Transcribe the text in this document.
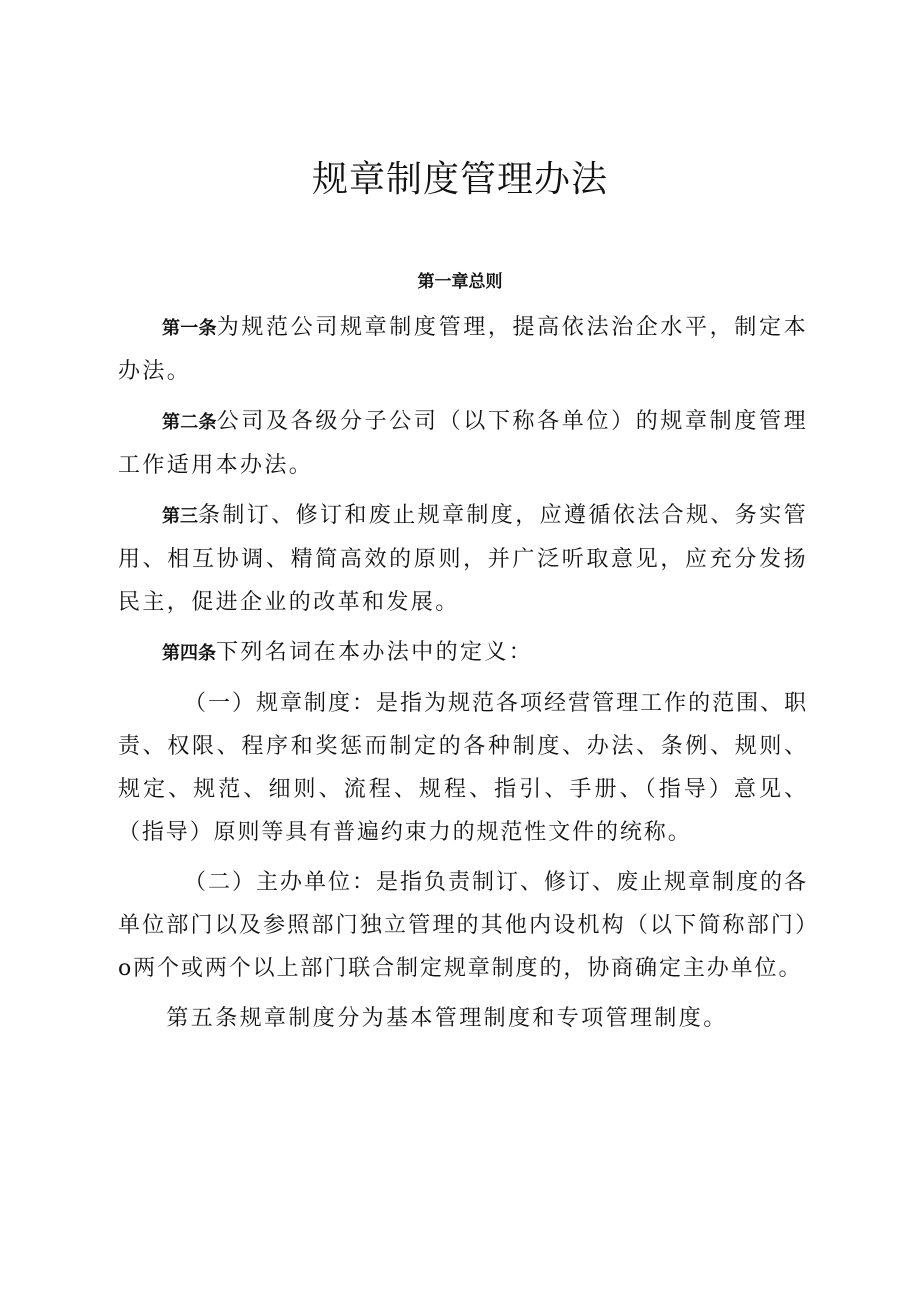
规章制度管理办法
第一章总则

第一条为规范公司规章制度管理，提高依法治企水平，制定本办法。

第二条公司及各级分子公司（以下称各单位）的规章制度管理工作适用本办法。

第三条制订、修订和废止规章制度，应遵循依法合规、务实管用、相互协调、精简高效的原则，并广泛听取意见，应充分发扬民主，促进企业的改革和发展。

第四条下列名词在本办法中的定义：

（一）规章制度：是指为规范各项经营管理工作的范围、职责、权限、程序和奖惩而制定的各种制度、办法、条例、规则、规定、规范、细则、流程、规程、指引、手册、（指导）意见、（指导）原则等具有普遍约束力的规范性文件的统称。

（二）主办单位：是指负责制订、修订、废止规章制度的各单位部门以及参照部门独立管理的其他内设机构（以下简称部门）o两个或两个以上部门联合制定规章制度的，协商确定主办单位。

第五条规章制度分为基本管理制度和专项管理制度。
